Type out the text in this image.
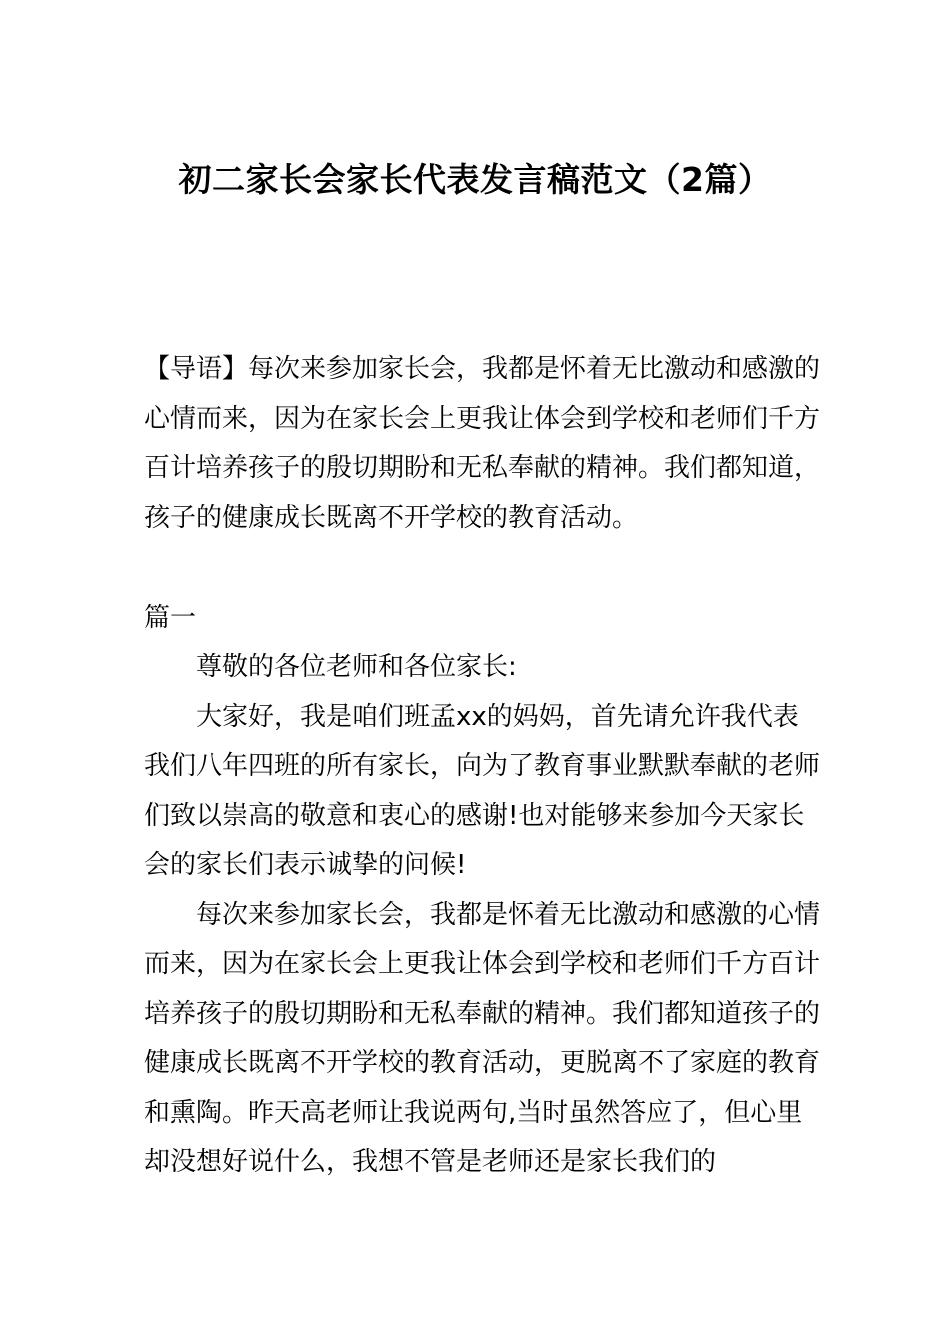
初二家长会家长代表发言稿范文（2篇）
【导语】每次来参加家长会，我都是怀着无比激动和感激的心情而来，因为在家长会上更我让体会到学校和老师们千方百计培养孩子的殷切期盼和无私奉献的精神。我们都知道，孩子的健康成长既离不开学校的教育活动。
篇一

尊敬的各位老师和各位家长:

大家好，我是咱们班孟xx的妈妈，首先请允许我代表我们八年四班的所有家长，向为了教育事业默默奉献的老师们致以崇高的敬意和衷心的感谢!也对能够来参加今天家长会的家长们表示诚挚的问候!

每次来参加家长会，我都是怀着无比激动和感激的心情而来，因为在家长会上更我让体会到学校和老师们千方百计培养孩子的殷切期盼和无私奉献的精神。我们都知道孩子的健康成长既离不开学校的教育活动，更脱离不了家庭的教育和熏陶。昨天高老师让我说两句,当时虽然答应了，但心里却没想好说什么，我想不管是老师还是家长我们的
